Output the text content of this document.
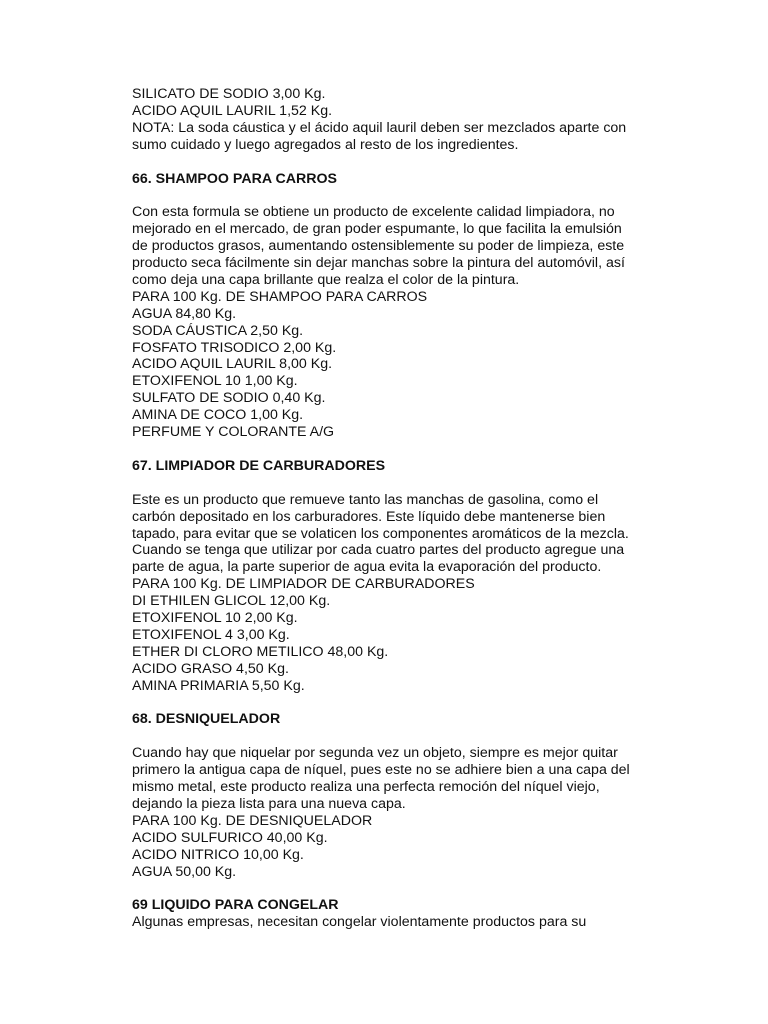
SILICATO DE SODIO 3,00 Kg.
ACIDO AQUIL LAURIL 1,52 Kg.
NOTA: La soda cáustica y el ácido aquil lauril deben ser mezclados aparte con
sumo cuidado y luego agregados al resto de los ingredientes.
66. SHAMPOO PARA CARROS
Con esta formula se obtiene un producto de excelente calidad limpiadora, no
mejorado en el mercado, de gran poder espumante, lo que facilita la emulsión
de productos grasos, aumentando ostensiblemente su poder de limpieza, este
producto seca fácilmente sin dejar manchas sobre la pintura del automóvil, así
como deja una capa brillante que realza el color de la pintura.
PARA 100 Kg. DE SHAMPOO PARA CARROS
AGUA 84,80 Kg.
SODA CÁUSTICA 2,50 Kg.
FOSFATO TRISODICO 2,00 Kg.
ACIDO AQUIL LAURIL 8,00 Kg.
ETOXIFENOL 10 1,00 Kg.
SULFATO DE SODIO 0,40 Kg.
AMINA DE COCO 1,00 Kg.
PERFUME Y COLORANTE A/G
67. LIMPIADOR DE CARBURADORES
Este es un producto que remueve tanto las manchas de gasolina, como el
carbón depositado en los carburadores. Este líquido debe mantenerse bien
tapado, para evitar que se volaticen los componentes aromáticos de la mezcla.
Cuando se tenga que utilizar por cada cuatro partes del producto agregue una
parte de agua, la parte superior de agua evita la evaporación del producto.
PARA 100 Kg. DE LIMPIADOR DE CARBURADORES
DI ETHILEN GLICOL 12,00 Kg.
ETOXIFENOL 10 2,00 Kg.
ETOXIFENOL 4 3,00 Kg.
ETHER DI CLORO METILICO 48,00 Kg.
ACIDO GRASO 4,50 Kg.
AMINA PRIMARIA 5,50 Kg.
68. DESNIQUELADOR
Cuando hay que niquelar por segunda vez un objeto, siempre es mejor quitar
primero la antigua capa de níquel, pues este no se adhiere bien a una capa del
mismo metal, este producto realiza una perfecta remoción del níquel viejo,
dejando la pieza lista para una nueva capa.
PARA 100 Kg. DE DESNIQUELADOR
ACIDO SULFURICO 40,00 Kg.
ACIDO NITRICO 10,00 Kg.
AGUA 50,00 Kg.
69 LIQUIDO PARA CONGELAR
Algunas empresas, necesitan congelar violentamente productos para su
